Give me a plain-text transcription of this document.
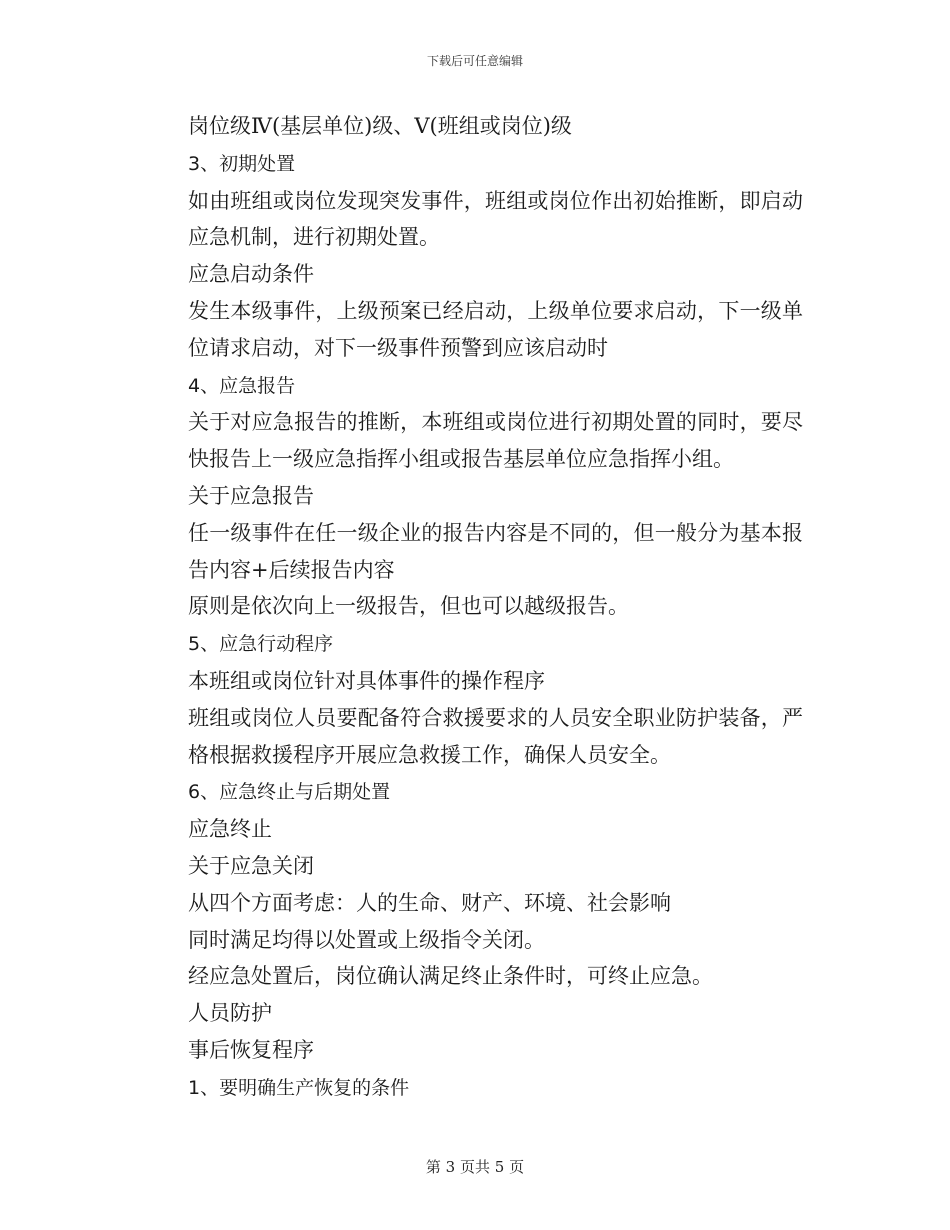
下载后可任意编辑

岗位级Ⅳ(基层单位)级、Ⅴ(班组或岗位)级

3、初期处置

如由班组或岗位发现突发事件，班组或岗位作出初始推断，即启动应急机制，进行初期处置。

应急启动条件

发生本级事件，上级预案已经启动，上级单位要求启动，下一级单位请求启动，对下一级事件预警到应该启动时

4、应急报告

关于对应急报告的推断，本班组或岗位进行初期处置的同时，要尽快报告上一级应急指挥小组或报告基层单位应急指挥小组。

关于应急报告

任一级事件在任一级企业的报告内容是不同的，但一般分为基本报告内容+后续报告内容

原则是依次向上一级报告，但也可以越级报告。

5、应急行动程序

本班组或岗位针对具体事件的操作程序

班组或岗位人员要配备符合救援要求的人员安全职业防护装备，严格根据救援程序开展应急救援工作，确保人员安全。

6、应急终止与后期处置

应急终止

关于应急关闭

从四个方面考虑：人的生命、财产、环境、社会影响

同时满足均得以处置或上级指令关闭。

经应急处置后，岗位确认满足终止条件时，可终止应急。

人员防护

事后恢复程序

1、要明确生产恢复的条件

第 3 页共 5 页
